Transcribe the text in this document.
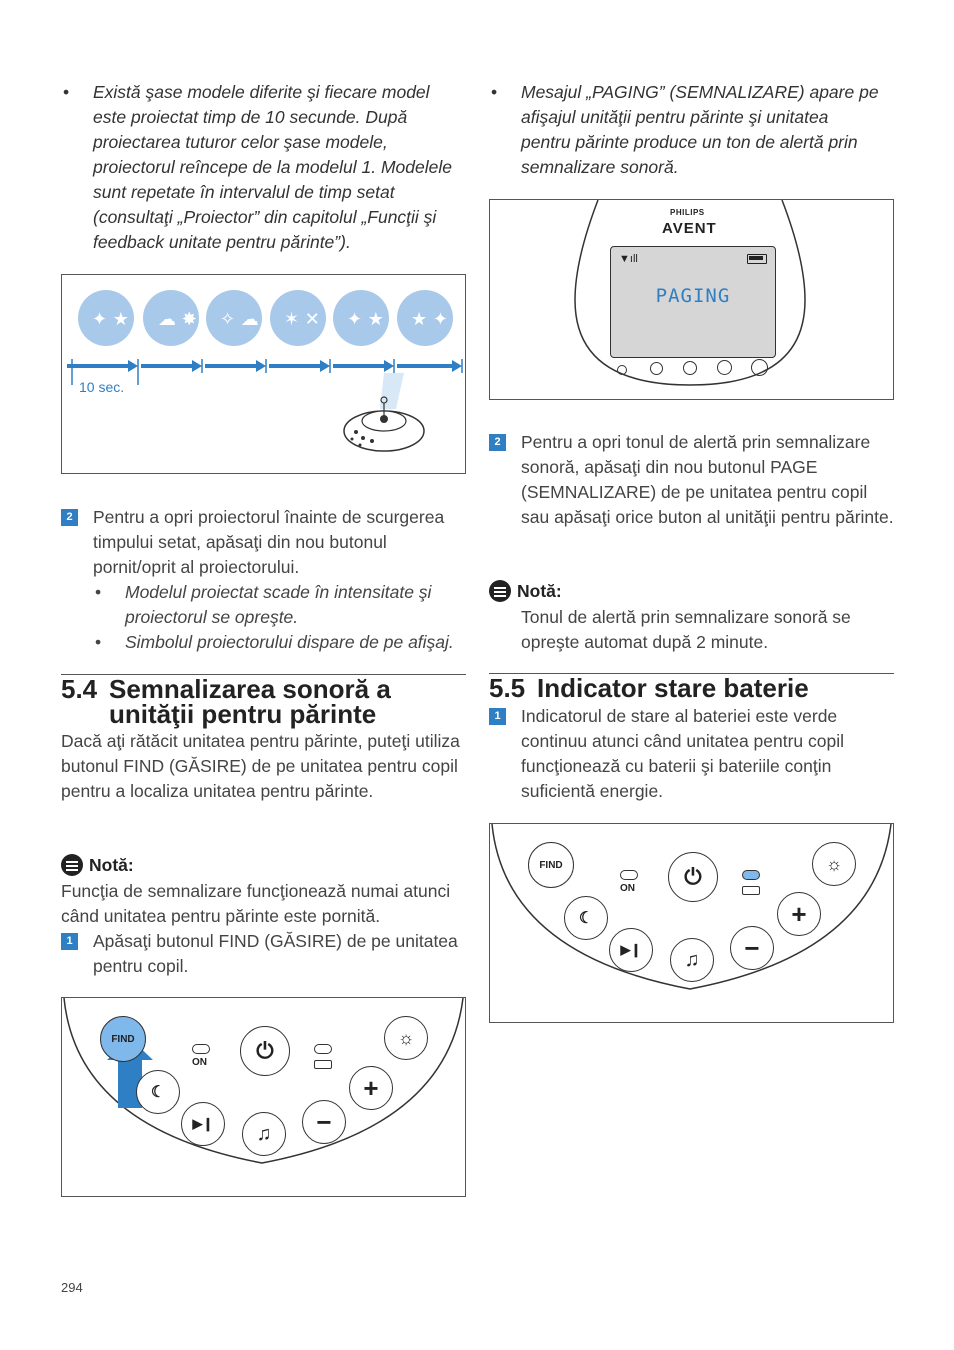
• Există şase modele diferite şi fiecare model este proiectat timp de 10 secunde. După proiectarea tuturor celor şase modele, proiectorul reîncepe de la modelul 1. Modelele sunt repetate în intervalul de timp setat (consultaţi „Proiector” din capitolul „Funcţii şi feedback unitate pentru părinte”).
✦ ★ ☁ ✸ ✧ ☁ ✶ ✕ ✦ ★ ★ ✦
10 sec.
2	Pentru a opri proiectorul înainte de scurgerea timpului setat, apăsaţi din nou butonul pornit/oprit al proiectorului.
• Modelul proiectat scade în intensitate şi proiectorul se opreşte.
• Simbolul proiectorului dispare de pe afişaj.
5.4 Semnalizarea sonoră a
unităţii pentru părinte
Dacă aţi rătăcit unitatea pentru părinte, puteţi utiliza butonul FIND (GĂSIRE) de pe unitatea pentru copil pentru a localiza unitatea pentru părinte.
Notă:
Funcţia de semnalizare funcţionează numai atunci când unitatea pentru părinte este pornită.
1	Apăsaţi butonul FIND (GĂSIRE) de pe unitatea pentru copil.
FIND
ON	⏻
☼
☾	+
▶❙	♫	−
• Mesajul „PAGING” (SEMNALIZARE) apare pe afişajul unităţii pentru părinte şi unitatea pentru părinte produce un ton de alertă prin semnalizare sonoră.
PHILIPS
AVENT
▼ıll
PAGING
2	Pentru a opri tonul de alertă prin semnalizare sonoră, apăsaţi din nou butonul PAGE (SEMNALIZARE) de pe unitatea pentru copil sau apăsaţi orice buton al unităţii pentru părinte.
Notă:
Tonul de alertă prin semnalizare sonoră se opreşte automat după 2 minute.
5.5 Indicator stare baterie
1	Indicatorul de stare al bateriei este verde continuu atunci când unitatea pentru copil funcţionează cu baterii şi bateriile conţin suficientă energie.
FIND
ON	⏻
☼
☾	+
▶❙	♫	−
294
